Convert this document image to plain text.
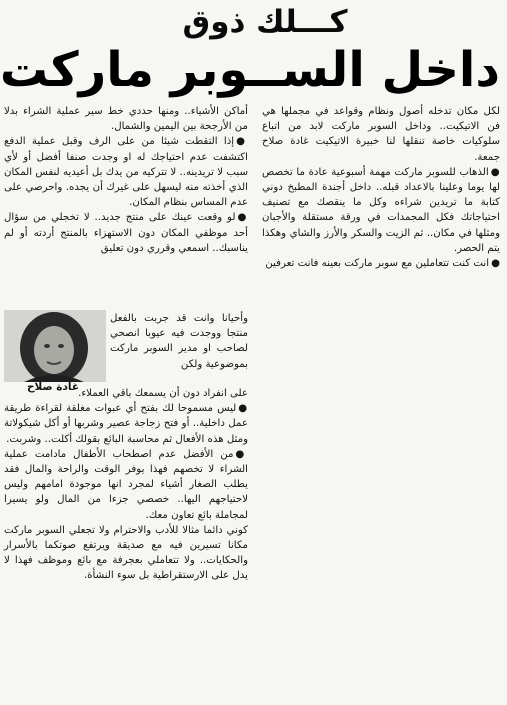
كـــلك ذوق
داخل الســوبر ماركت

لكل مكان تدخله أصول ونظام وقواعد في مجملها هي فن الاتيكيت.. وداخل السوبر ماركت لابد من اتباع سلوكيات خاصة تنقلها لنا خبيرة الاتيكيت غادة صلاح جمعة.

●الذهاب للسوبر ماركت مهمة أسبوعية عادة ما تخصص لها يوما وعلينا بالاعداد قبله.. داخل أجندة المطبخ دوني كتابة ما تريدين شراءه وكل ما ينقصك مع تصنيف احتياجاتك فكل المجمدات في ورقة مستقلة والأجبان ومثلها في مكان.. ثم الزيت والسكر والأرز والشاي وهكذا يتم الحصر.

●انت كنت تتعاملين مع سوبر ماركت بعينه فانت تعرفين

أماكن الأشياء.. ومنها حددي خط سير عملية الشراء بدلا من الأرجحة بين اليمين والشمال.

●إذا التقطت شيئا من على الرف وقبل عملية الدفع اكتشفت عدم احتياجك له او وجدت صنفا أفضل أو لأي سبب لا تريدينه.. لا تتركيه من يدك بل أعيديه لنفس المكان الذي أخذته منه ليسهل على غيرك أن يجده. واحرصي على عدم المساس بنظام المكان.

●لو وقعت عينك على منتج جديد.. لا تخجلي من سؤال أحد موظفي المكان دون الاستهزاء بالمنتج أردته أو لم يناسبك.. اسمعي وقرري دون تعليق

غادة صلاح

وأحيانا وانت قد جربت بالفعل منتجا ووجدت فيه عيوبا انصحي لصاحب او مدير السوبر ماركت بموضوعية ولكن

على انفراد دون أن يسمعك باقي العملاء.

●ليس مسموحا لك بفتح أي عبوات مغلقة لقراءة طريقة عمل داخلية.. أو فتح زجاجة عصير وشربها أو أكل شيكولاتة ومثل هذه الأفعال ثم محاسبة البائع بقولك أكلت.. وشربت.

●من الأفضل عدم اصطحاب الأطفال مادامت عملية الشراء لا تخصهم فهذا يوفر الوقت والراحة والمال فقد يطلب الصغار أشياء لمجرد انها موجودة امامهم وليس لاحتياجهم اليها.. خصصي جزءا من المال ولو يسيرا لمجاملة بائع تعاون معك.

كوني دائما مثالا للأدب والاحترام ولا تجعلي السوبر ماركت مكانا تسيرين فيه مع صديقة ويرتفع صوتكما بالأسرار والحكايات.. ولا تتعاملي بعجرفة مع بائع وموظف فهذا لا يدل على الارستقراطية بل سوء النشأة.
